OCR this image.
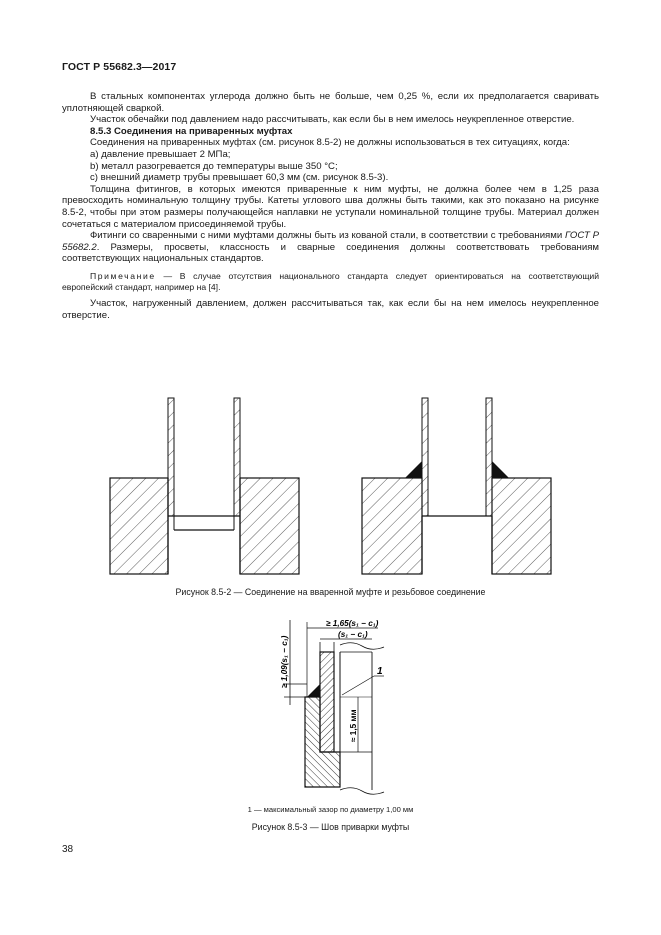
ГОСТ Р 55682.3—2017

В стальных компонентах углерода должно быть не больше, чем 0,25 %, если их предполагается сваривать уплотняющей сваркой.

Участок обечайки под давлением надо рассчитывать, как если бы в нем имелось неукрепленное отверстие.

8.5.3 Соединения на приваренных муфтах

Соединения на приваренных муфтах (см. рисунок 8.5-2) не должны использоваться в тех ситуациях, когда:

a) давление превышает 2 МПа;

b) металл разогревается до температуры выше 350 °С;

c) внешний диаметр трубы превышает 60,3 мм (см. рисунок 8.5-3).

Толщина фитингов, в которых имеются приваренные к ним муфты, не должна более чем в 1,25 раза превосходить номинальную толщину трубы. Катеты углового шва должны быть такими, как это показано на рисунке 8.5-2, чтобы при этом размеры получающейся наплавки не уступали номинальной толщине трубы. Материал должен сочетаться с материалом присоединяемой трубы.

Фитинги со сваренными с ними муфтами должны быть из кованой стали, в соответствии с требованиями ГОСТ Р 55682.2. Размеры, просветы, классность и сварные соединения должны соответствовать требованиям соответствующих национальных стандартов.

Примечание — В случае отсутствия национального стандарта следует ориентироваться на соответствующий европейский стандарт, например на [4].

Участок, нагруженный давлением, должен рассчитываться так, как если бы на нем имелось неукрепленное отверстие.

Рисунок 8.5-2 — Соединение на вваренной муфте и резьбовое соединение
≥ 1,65(s₁ − c₁)
(s₁ − c₁)
≥ 1,09(s₁ − c₁)
≈ 1,5 мм
1
1 — максимальный зазор по диаметру 1,00 мм
Рисунок 8.5-3 — Шов приварки муфты
38
